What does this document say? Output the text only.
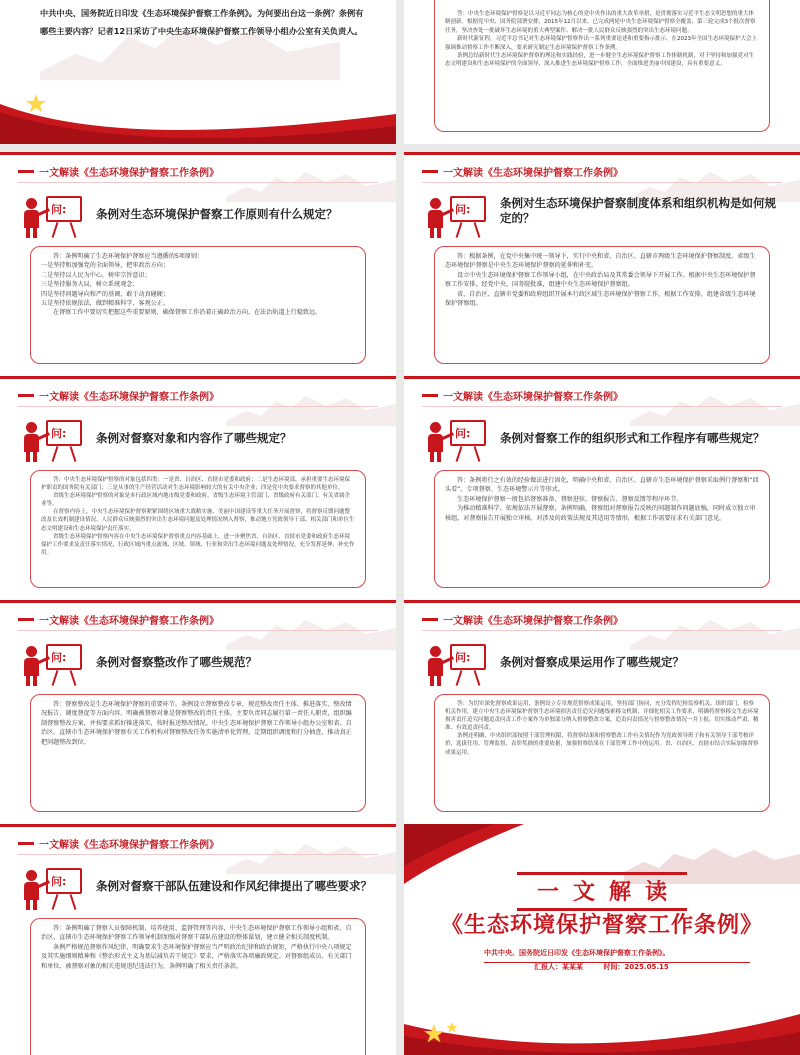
中共中央、国务院近日印发《生态环境保护督察工作条例》。为何要出台这一条例？条例有哪些主要内容？记者12日采访了中央生态环境保护督察工作领导小组办公室有关负责人。

答：中央生态环境保护督察是以习近平同志为核心的党中央作出的重大改革举措，是贯彻落实习近平生态文明思想的重大体制创新。根据党中央、国务院部署安排，2015年12月以来，已完成两轮中央生态环境保护督察全覆盖，第三轮完成3个批次督察任务，坚决查处一批破坏生态环境的重大典型案件、解决一批人民群众反映强烈的突出生态环境问题。

新时代新征程，习近平总书记对生态环境保护督察作出一系列重要论述和重要指示批示。在2023年全国生态环境保护大会上强调推动督察工作不断深入，要求研究制定生态环境保护督察工作条例。

条例总结新时代生态环境保护督察的理论和实践经验，进一步健全生态环境保护督察工作体制机制，对于坚持和加强党对生态文明建设和生态环境保护的全面领导，深入推进生态环境保护督察工作，全面推进美丽中国建设，具有重要意义。

一文解读《生态环境保护督察工作条例》
问:	条例对生态环境保护督察工作原则有什么规定？

答：条例明确了生态环境保护督察应当遵循的5项原则：

一是坚持和加强党的全面领导，把牢政治方向；

二是坚持以人民为中心，树牢宗旨意识；

三是坚持服务大局，树立系统观念；

四是坚持问题导向和严的基调，敢于动真碰硬；

五是坚持依规依法，做到精准科学、客观公正。

在督察工作中要切实把握这些重要原则，确保督察工作沿着正确政治方向、在法治轨道上行稳致远。

一文解读《生态环境保护督察工作条例》
问:	条例对生态环境保护督察制度体系和组织机构是如何规定的？

答：根据条例，在党中央集中统一领导下，实行中央和省、自治区、直辖市两级生态环境保护督察制度。省级生态环境保护督察是中央生态环境保护督察的延伸和补充。

设立中央生态环境保护督察工作领导小组，在中央政治局及其常委会领导下开展工作。根据中央生态环境保护督察工作安排，经党中央、国务院批准，组建中央生态环境保护督察组。

省、自治区、直辖市党委和政府组织开展本行政区域生态环境保护督察工作，根据工作安排，组建省级生态环境保护督察组。

一文解读《生态环境保护督察工作条例》
问:	条例对督察对象和内容作了哪些规定？

答：中央生态环境保护督察的对象包括四类：一是省、自治区、直辖市党委和政府；二是生态环境部，承担重要生态环境保护职责的国务院有关部门；三是从事的生产经营活动对生态环境影响较大的有关中央企业；四是党中央要求督察的其他单位。

省级生态环境保护督察的对象是本行政区域内地市级党委和政府、省级生态环境主管部门、省级政府有关部门、有关省属企业等。

在督察内容上，中央生态环境保护督察紧紧围绕区域重大战略实施、美丽中国建设等重大任务开展督察，将督察反馈问题整改及长效机制建设情况、人民群众反映强烈的突出生态环境问题及处理情况纳入督察，推动地方党政领导干部、相关部门和单位生态文明建设和生态环境保护责任落实。

省级生态环境保护督察内容在中央生态环境保护督察重点内容基础上，进一步聚焦省、自治区、直辖市党委和政府生态环境保护工作要求及责任落实情况，行政区域内重点流域、区域、领域、行业和突出生态环境问题及处理情况，充分发挥延伸、补充作用。

一文解读《生态环境保护督察工作条例》
问:	条例对督察工作的组织形式和工作程序有哪些规定？

答：条例将行之有效的经验做法进行固化，明确中央和省、自治区、直辖市生态环境保护督察采取例行督察和“回头看”、专项督察、生态环境警示片等形式。

生态环境保护督察一般包括督察准备、督察进驻、督察报告、督察反馈等程序环节。

为推动精准科学、依规依法开展督察，条例明确，督察组对督察报告反映的问题制作问题底稿，同时成立独立审核组，对督察报告开展独立审核。对涉及的政策法规及其适用等情形，根据工作需要征求有关部门意见。

一文解读《生态环境保护督察工作条例》
问:	条例对督察整改作了哪些规范？

答：督察整改是生态环境保护督察的重要环节。条例设立督察整改专章，规范整改责任主体、推进落实、整改情况报告、调度督促等方面内容。明确被督察对象是督察整改的责任主体，主要负责同志履行第一责任人职责，组织编制督察整改方案，并按要求抓好推进落实，按时报送整改情况。中央生态环境保护督察工作领导小组办公室和省、自治区、直辖市生态环境保护督察有关工作机构对督察整改任务实施清单化管理，定期组织调度和打分抽查，推动真正把问题整改到位。

一文解读《生态环境保护督察工作条例》
问:	条例对督察成果运用作了哪些规定？

答：为切实深化督察成果运用，条例设立专章规范督察成果运用。坚持部门协同，充分发挥纪检监察机关、组织部门、检察机关作用，建立中央生态环境保护督察生态环境损害责任追究问题线索移交机制，并细化相关工作要求，明确将督察移交生态环境损害责任追究问题追责问责工作方案作为单独部分纳入督察整改方案，追责问责情况与督察整改情况一并上报，切实推动严肃、精准、有效追责问责。

条例还明确，中央组织部按照干部管理权限，将督察结果和督察整改工作有关情况作为党政领导班子和有关领导干部考核评价、选拔任用、管理监督、表彰奖励的重要依据，加强督察结果在干部管理工作中的运用。省、自治区、直辖市结合实际加强督察成果运用。

一文解读《生态环境保护督察工作条例》
问:	条例对督察干部队伍建设和作风纪律提出了哪些要求？

答：条例明确了督察人员保障机制、培养使用、监督管理等内容，中央生态环境保护督察工作领导小组和省、自治区、直辖市生态环境保护督察工作领导机制加强对督察干部队伍建设的整体谋划，建立健全相关制度机制。

条例严格规范督察作风纪律，明确要求生态环境保护督察应当严明政治纪律和政治规矩，严格执行中央八项规定及其实施细则精神和《整治形式主义为基层减负若干规定》要求，严格落实各项廉政规定。对督察组成员、有关部门和单位、被督察对象的相关违规违纪违法行为，条例明确了相关责任条款。

一文解读
《生态环境保护督察工作条例》
中共中央、国务院近日印发《生态环境保护督察工作条例》。
汇报人：某某某	时间：2025.05.15
